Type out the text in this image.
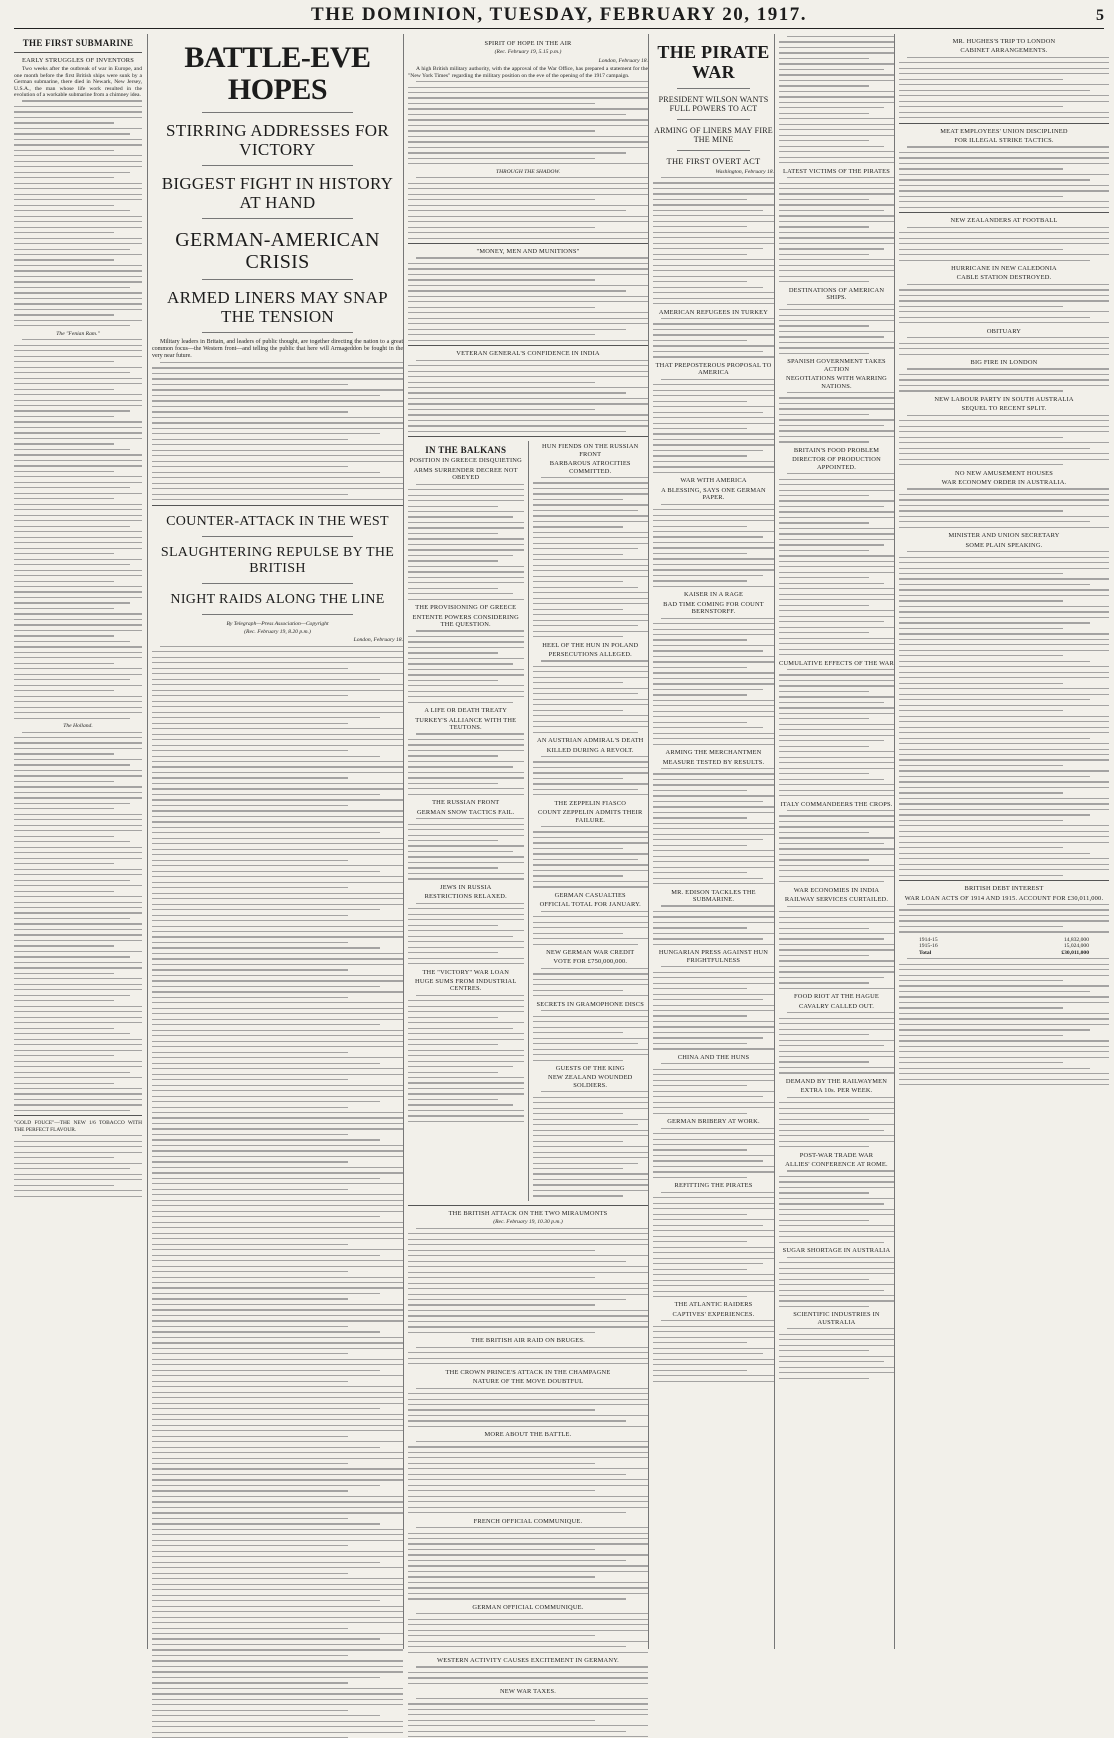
THE DOMINION, TUESDAY, FEBRUARY 20, 1917.	5
THE FIRST SUBMARINE
EARLY STRUGGLES OF INVENTORS

Two weeks after the outbreak of war in Europe, and one month before the first British ships were sunk by a German submarine, there died in Newark, New Jersey, U.S.A., the man whose life work resulted in the evolution of a workable submarine from a chimney idea.

The "Fenian Ram."
The Holland.

"GOLD FOUCE"—THE NEW 1/6 TOBACCO WITH THE PERFECT FLAVOUR.

BATTLE-EVE HOPES
STIRRING ADDRESSES FOR VICTORY
BIGGEST FIGHT IN HISTORY AT HAND
GERMAN-AMERICAN CRISIS
ARMED LINERS MAY SNAP THE TENSION

Military leaders in Britain, and leaders of public thought, are together directing the nation to a great common focus—the Western front—and telling the public that here will Armageddon be fought in the very near future.

COUNTER-ATTACK IN THE WEST
SLAUGHTERING REPULSE BY THE BRITISH
NIGHT RAIDS ALONG THE LINE
By Telegraph—Press Association—Copyright
(Rec. February 19, 8.20 p.m.)
London, February 18.
SPIRIT OF HOPE IN THE AIR
(Rec. February 19, 5.15 p.m.)
London, February 18.

A high British military authority, with the approval of the War Office, has prepared a statement for the "New York Times" regarding the military position on the eve of the opening of the 1917 campaign.

THROUGH THE SHADOW.
"MONEY, MEN AND MUNITIONS"
VETERAN GENERAL'S CONFIDENCE IN INDIA
IN THE BALKANS
POSITION IN GREECE DISQUIETING
ARMS SURRENDER DECREE NOT OBEYED
THE PROVISIONING OF GREECE
ENTENTE POWERS CONSIDERING THE QUESTION.
A LIFE OR DEATH TREATY
TURKEY'S ALLIANCE WITH THE TEUTONS.
THE RUSSIAN FRONT
GERMAN SNOW TACTICS FAIL.
JEWS IN RUSSIA
RESTRICTIONS RELAXED.
THE "VICTORY" WAR LOAN
HUGE SUMS FROM INDUSTRIAL CENTRES.
HUN FIENDS ON THE RUSSIAN FRONT
BARBAROUS ATROCITIES COMMITTED.
HEEL OF THE HUN IN POLAND
PERSECUTIONS ALLEGED.
AN AUSTRIAN ADMIRAL'S DEATH
KILLED DURING A REVOLT.
THE ZEPPELIN FIASCO
COUNT ZEPPELIN ADMITS THEIR FAILURE.
GERMAN CASUALTIES
OFFICIAL TOTAL FOR JANUARY.
NEW GERMAN WAR CREDIT
VOTE FOR £750,000,000.
SECRETS IN GRAMOPHONE DISCS
GUESTS OF THE KING
NEW ZEALAND WOUNDED SOLDIERS.
THE BRITISH ATTACK ON THE TWO MIRAUMONTS
(Rec. February 19, 10.30 p.m.)
THE BRITISH AIR RAID ON BRUGES.
THE CROWN PRINCE'S ATTACK IN THE CHAMPAGNE
NATURE OF THE MOVE DOUBTFUL
MORE ABOUT THE BATTLE.
FRENCH OFFICIAL COMMUNIQUE.
GERMAN OFFICIAL COMMUNIQUE.
WESTERN ACTIVITY CAUSES EXCITEMENT IN GERMANY.
NEW WAR TAXES.
THE PIRATE WAR
PRESIDENT WILSON WANTS FULL POWERS TO ACT
ARMING OF LINERS MAY FIRE THE MINE
THE FIRST OVERT ACT
Washington, February 18.
AMERICAN REFUGEES IN TURKEY
THAT PREPOSTEROUS PROPOSAL TO AMERICA
WAR WITH AMERICA
A BLESSING, SAYS ONE GERMAN PAPER.
KAISER IN A RAGE
BAD TIME COMING FOR COUNT BERNSTORFF.
ARMING THE MERCHANTMEN
MEASURE TESTED BY RESULTS.
MR. EDISON TACKLES THE SUBMARINE.
HUNGARIAN PRESS AGAINST HUN FRIGHTFULNESS
CHINA AND THE HUNS
GERMAN BRIBERY AT WORK.
REFITTING THE PIRATES
THE ATLANTIC RAIDERS
CAPTIVES' EXPERIENCES.
LATEST VICTIMS OF THE PIRATES
DESTINATIONS OF AMERICAN SHIPS.
SPANISH GOVERNMENT TAKES ACTION
NEGOTIATIONS WITH WARRING NATIONS.
BRITAIN'S FOOD PROBLEM
DIRECTOR OF PRODUCTION APPOINTED.
CUMULATIVE EFFECTS OF THE WAR
ITALY COMMANDEERS THE CROPS.
WAR ECONOMIES IN INDIA
RAILWAY SERVICES CURTAILED.
FOOD RIOT AT THE HAGUE
CAVALRY CALLED OUT.
DEMAND BY THE RAILWAYMEN
EXTRA 10s. PER WEEK.
POST-WAR TRADE WAR
ALLIES' CONFERENCE AT ROME.
SUGAR SHORTAGE IN AUSTRALIA
SCIENTIFIC INDUSTRIES IN AUSTRALIA
MR. HUGHES'S TRIP TO LONDON
CABINET ARRANGEMENTS.
MEAT EMPLOYEES' UNION DISCIPLINED
FOR ILLEGAL STRIKE TACTICS.
NEW ZEALANDERS AT FOOTBALL
HURRICANE IN NEW CALEDONIA
CABLE STATION DESTROYED.
OBITUARY
BIG FIRE IN LONDON
NEW LABOUR PARTY IN SOUTH AUSTRALIA
SEQUEL TO RECENT SPLIT.
NO NEW AMUSEMENT HOUSES
WAR ECONOMY ORDER IN AUSTRALIA.
MINISTER AND UNION SECRETARY
SOME PLAIN SPEAKING.
BRITISH DEBT INTEREST
WAR LOAN ACTS OF 1914 AND 1915. ACCOUNT FOR £30,011,000.
1914-15	14,832,000
1915-16	15,024,000
Total	£30,011,000
